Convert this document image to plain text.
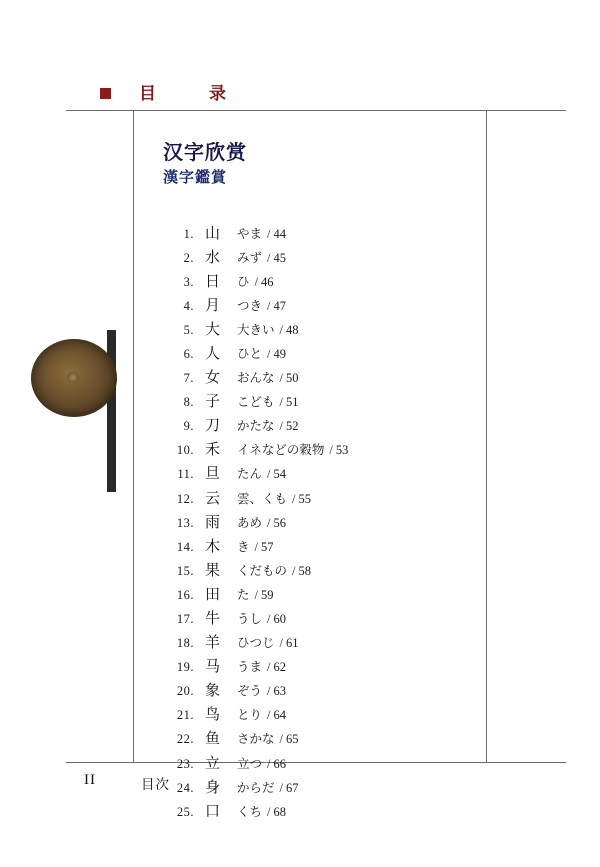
目　录
汉字欣赏
漢字鑑賞
1. 山	やま / 44
2. 水	みず / 45
3. 日	ひ / 46
4. 月	つき / 47
5. 大	大きい / 48
6. 人	ひと / 49
7. 女	おんな / 50
8. 子	こども / 51
9. 刀	かたな / 52
10. 禾	イネなどの穀物 / 53
11. 旦	たん / 54
12. 云	雲、くも / 55
13. 雨	あめ / 56
14. 木	き / 57
15. 果	くだもの / 58
16. 田	た / 59
17. 牛	うし / 60
18. 羊	ひつじ / 61
19. 马	うま / 62
20. 象	ぞう / 63
21. 鸟	とり / 64
22. 鱼	さかな / 65
23. 立	立つ / 66
24. 身	からだ / 67
25. 口	くち / 68
II	目次
